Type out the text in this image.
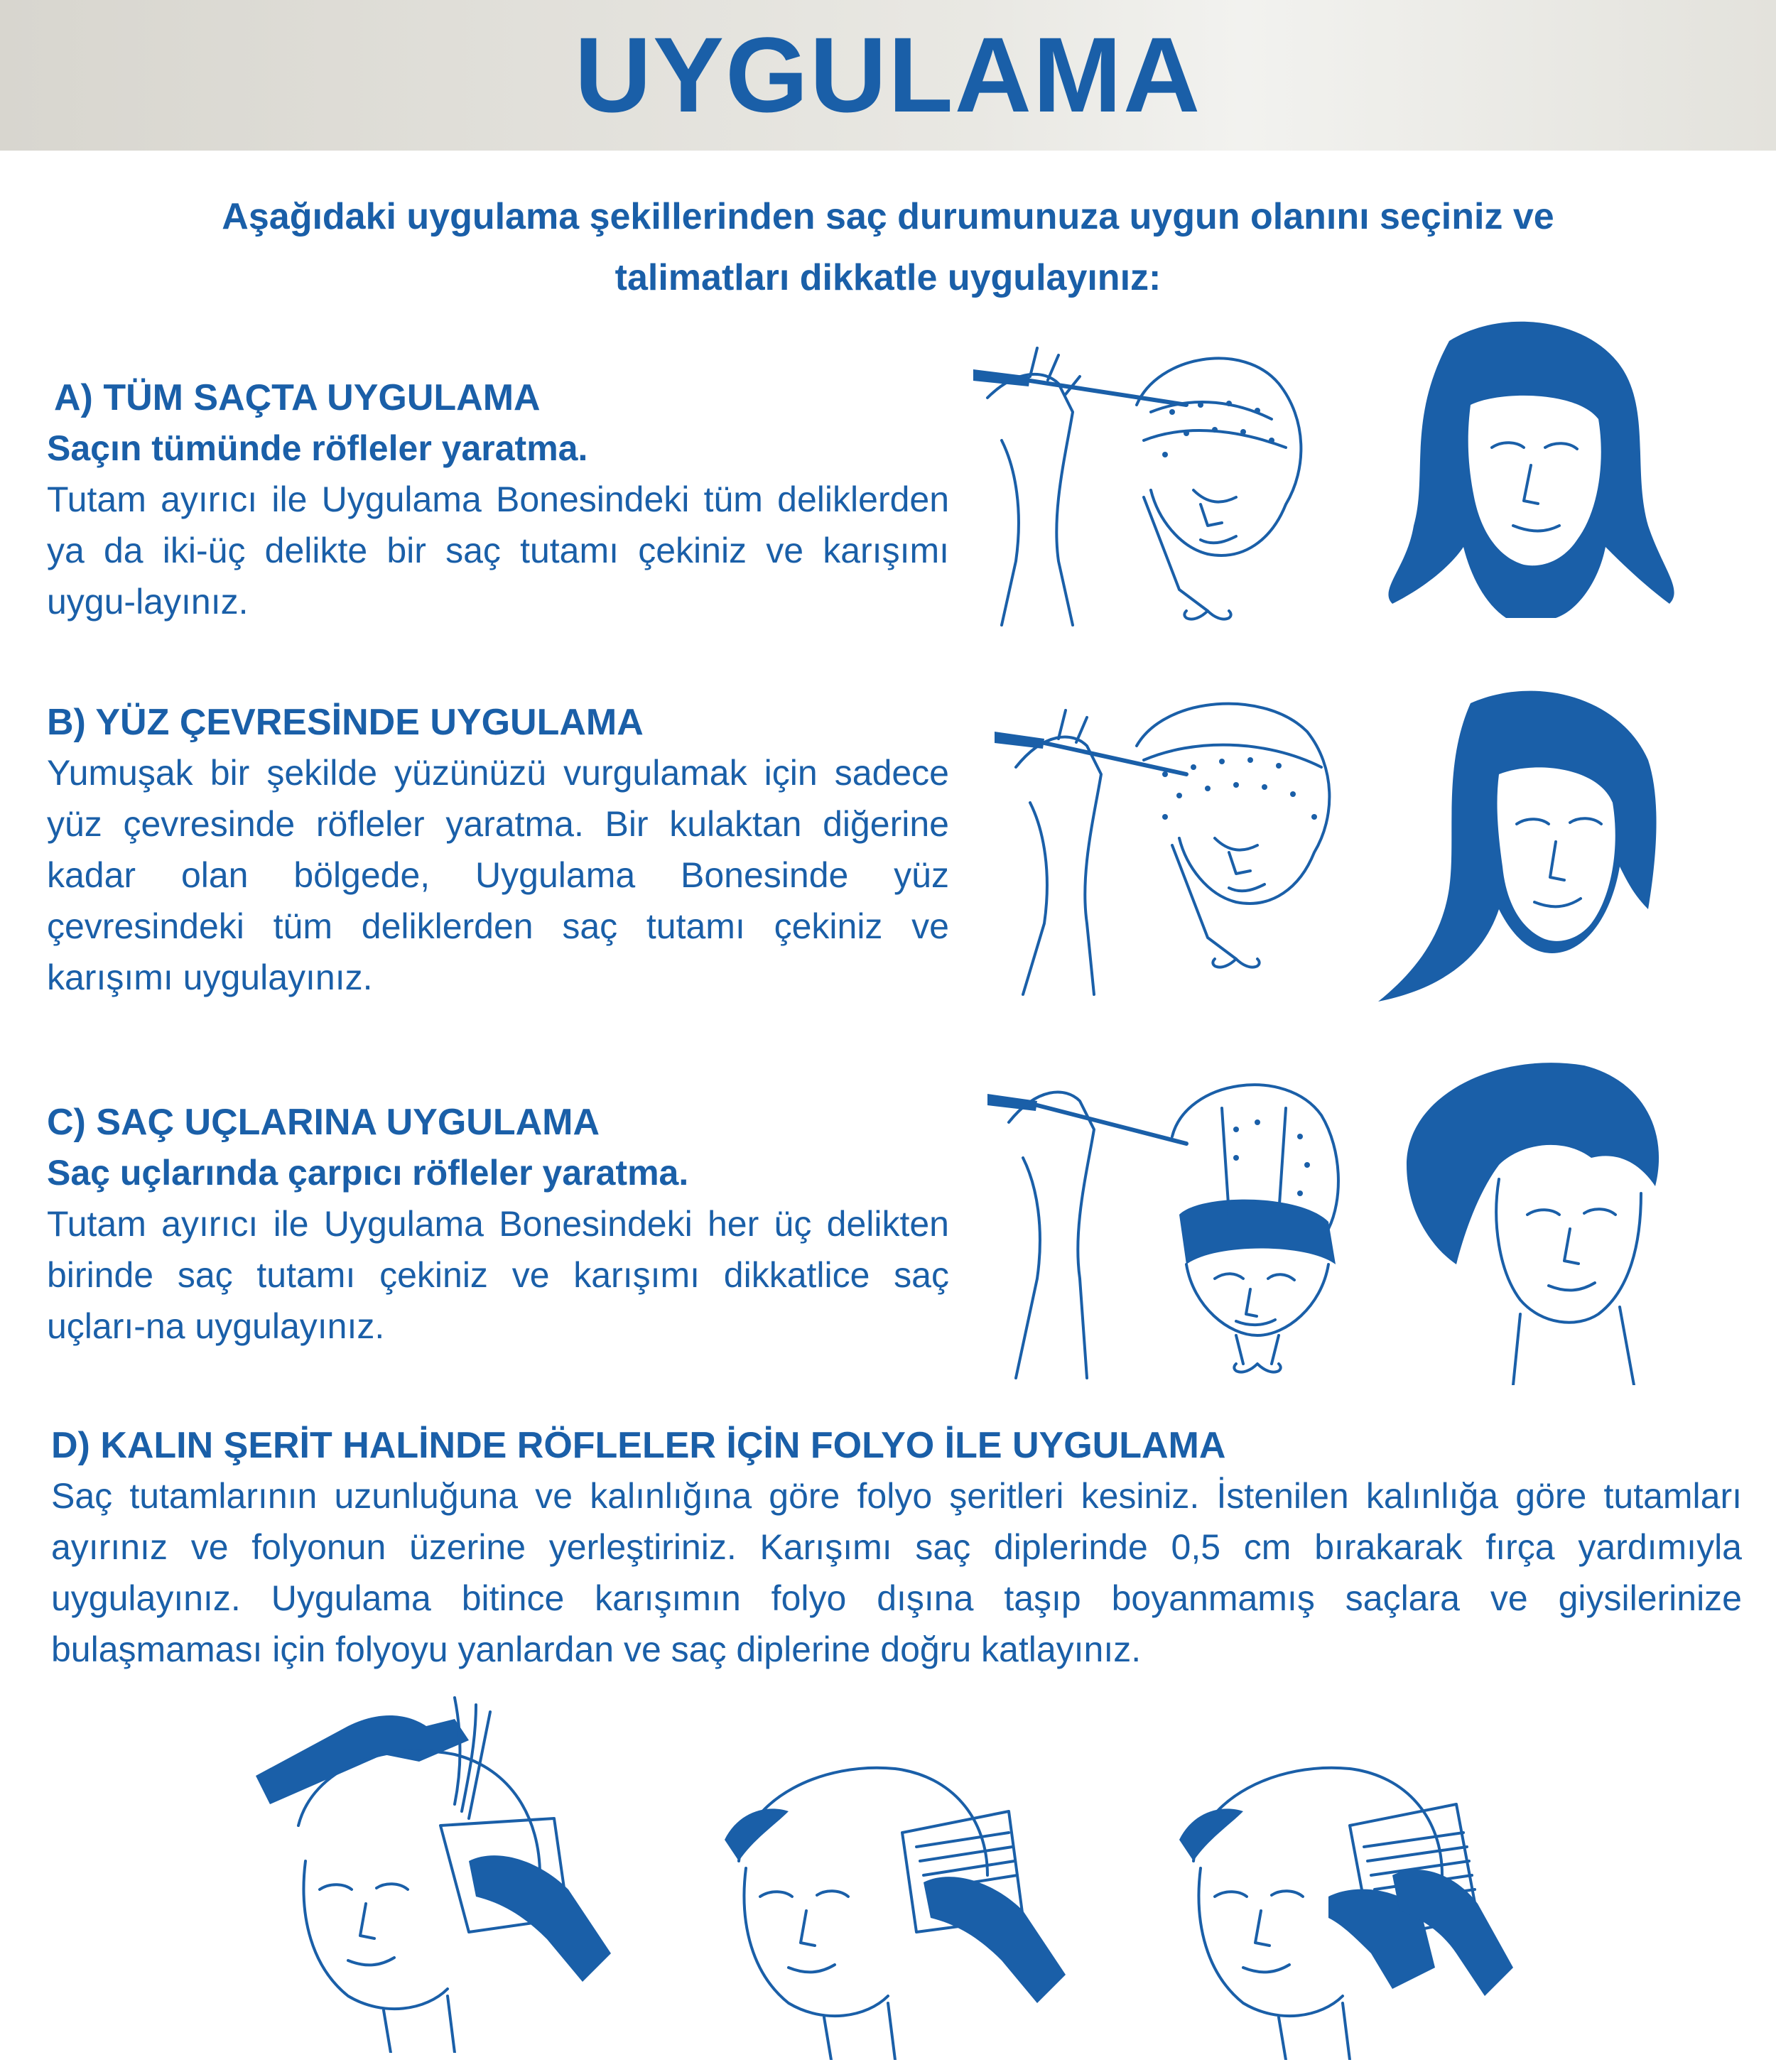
UYGULAMA
Aşağıdaki uygulama şekillerinden saç durumunuza uygun olanını seçiniz ve talimatları dikkatle uygulayınız:
A) TÜM SAÇTA UYGULAMA
Saçın tümünde röfleler yaratma.
Tutam ayırıcı ile Uygulama Bonesindeki tüm deliklerden ya da iki-üç delikte bir saç tutamı çekiniz ve karışımı uygu-layınız.
B) YÜZ ÇEVRESİNDE UYGULAMA
Yumuşak bir şekilde yüzünüzü vurgulamak için sadece yüz çevresinde röfleler yaratma. Bir kulaktan diğerine kadar olan bölgede, Uygulama Bonesinde yüz çevresindeki tüm deliklerden saç tutamı çekiniz ve karışımı uygulayınız.
C) SAÇ UÇLARINA UYGULAMA
Saç uçlarında çarpıcı röfleler yaratma.
Tutam ayırıcı ile Uygulama Bonesindeki her üç delikten birinde saç tutamı çekiniz ve karışımı dikkatlice saç uçları-na uygulayınız.
D) KALIN ŞERİT HALİNDE RÖFLELER İÇİN FOLYO İLE UYGULAMA
Saç tutamlarının uzunluğuna ve kalınlığına göre folyo şeritleri kesiniz. İstenilen kalınlığa göre tutamları ayırınız ve folyonun üzerine yerleştiriniz. Karışımı saç diplerinde 0,5 cm bırakarak fırça yardımıyla uygulayınız. Uygulama bitince karışımın folyo dışına taşıp boyanmamış saçlara ve giysilerinize bulaşmaması için folyoyu yanlardan ve saç diplerine doğru katlayınız.
